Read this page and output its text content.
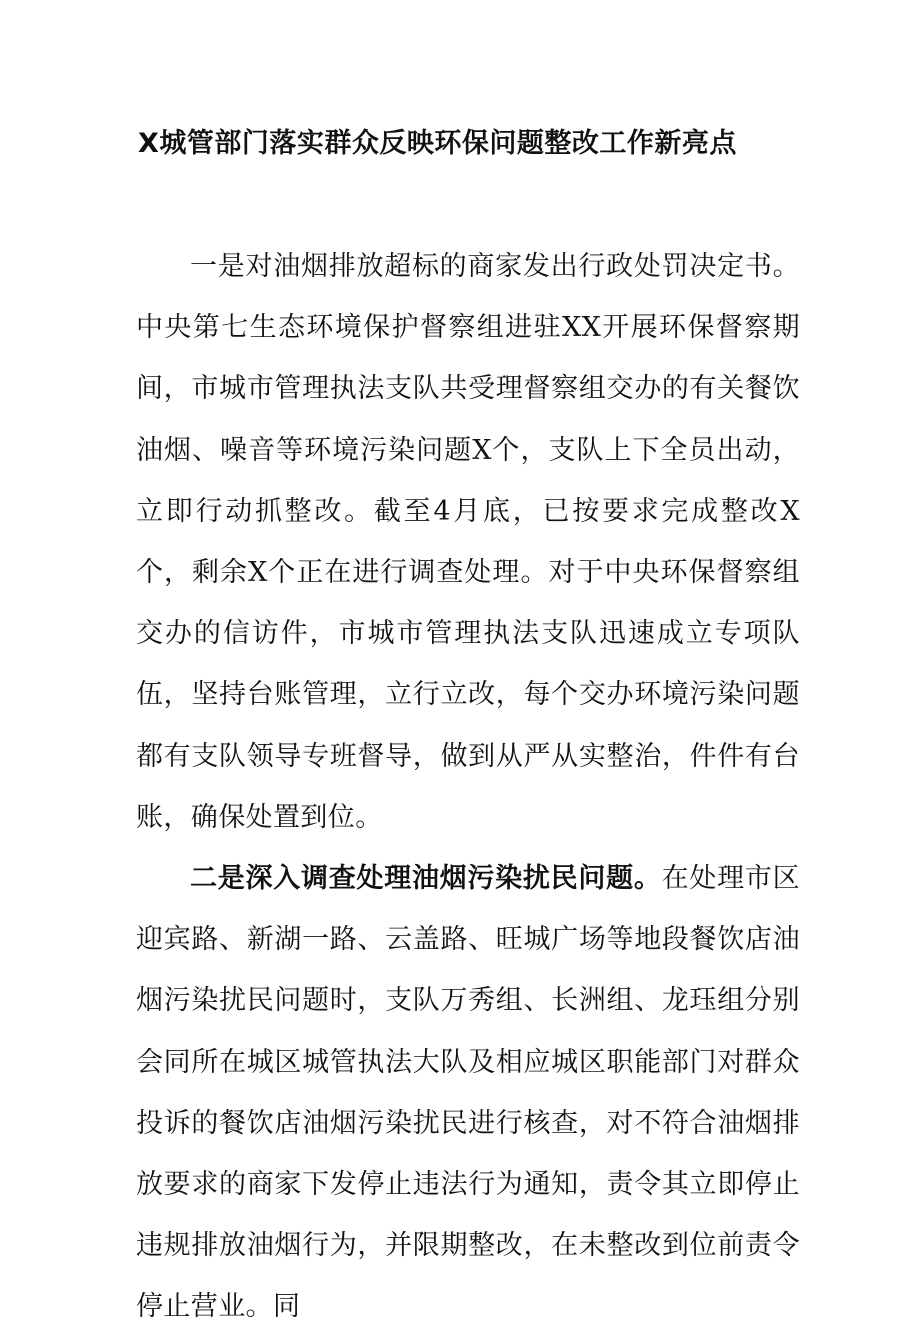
X城管部门落实群众反映环保问题整改工作新亮点

一是对油烟排放超标的商家发出行政处罚决定书。中央第七生态环境保护督察组进驻XX开展环保督察期间，市城市管理执法支队共受理督察组交办的有关餐饮油烟、噪音等环境污染问题X个，支队上下全员出动，立即行动抓整改。截至4月底，已按要求完成整改X个，剩余X个正在进行调查处理。对于中央环保督察组交办的信访件，市城市管理执法支队迅速成立专项队伍，坚持台账管理，立行立改，每个交办环境污染问题都有支队领导专班督导，做到从严从实整治，件件有台账，确保处置到位。

二是深入调查处理油烟污染扰民问题。在处理市区迎宾路、新湖一路、云盖路、旺城广场等地段餐饮店油烟污染扰民问题时，支队万秀组、长洲组、龙珏组分别会同所在城区城管执法大队及相应城区职能部门对群众投诉的餐饮店油烟污染扰民进行核查，对不符合油烟排放要求的商家下发停止违法行为通知，责令其立即停止违规排放油烟行为，并限期整改，在未整改到位前责令停止营业。同
